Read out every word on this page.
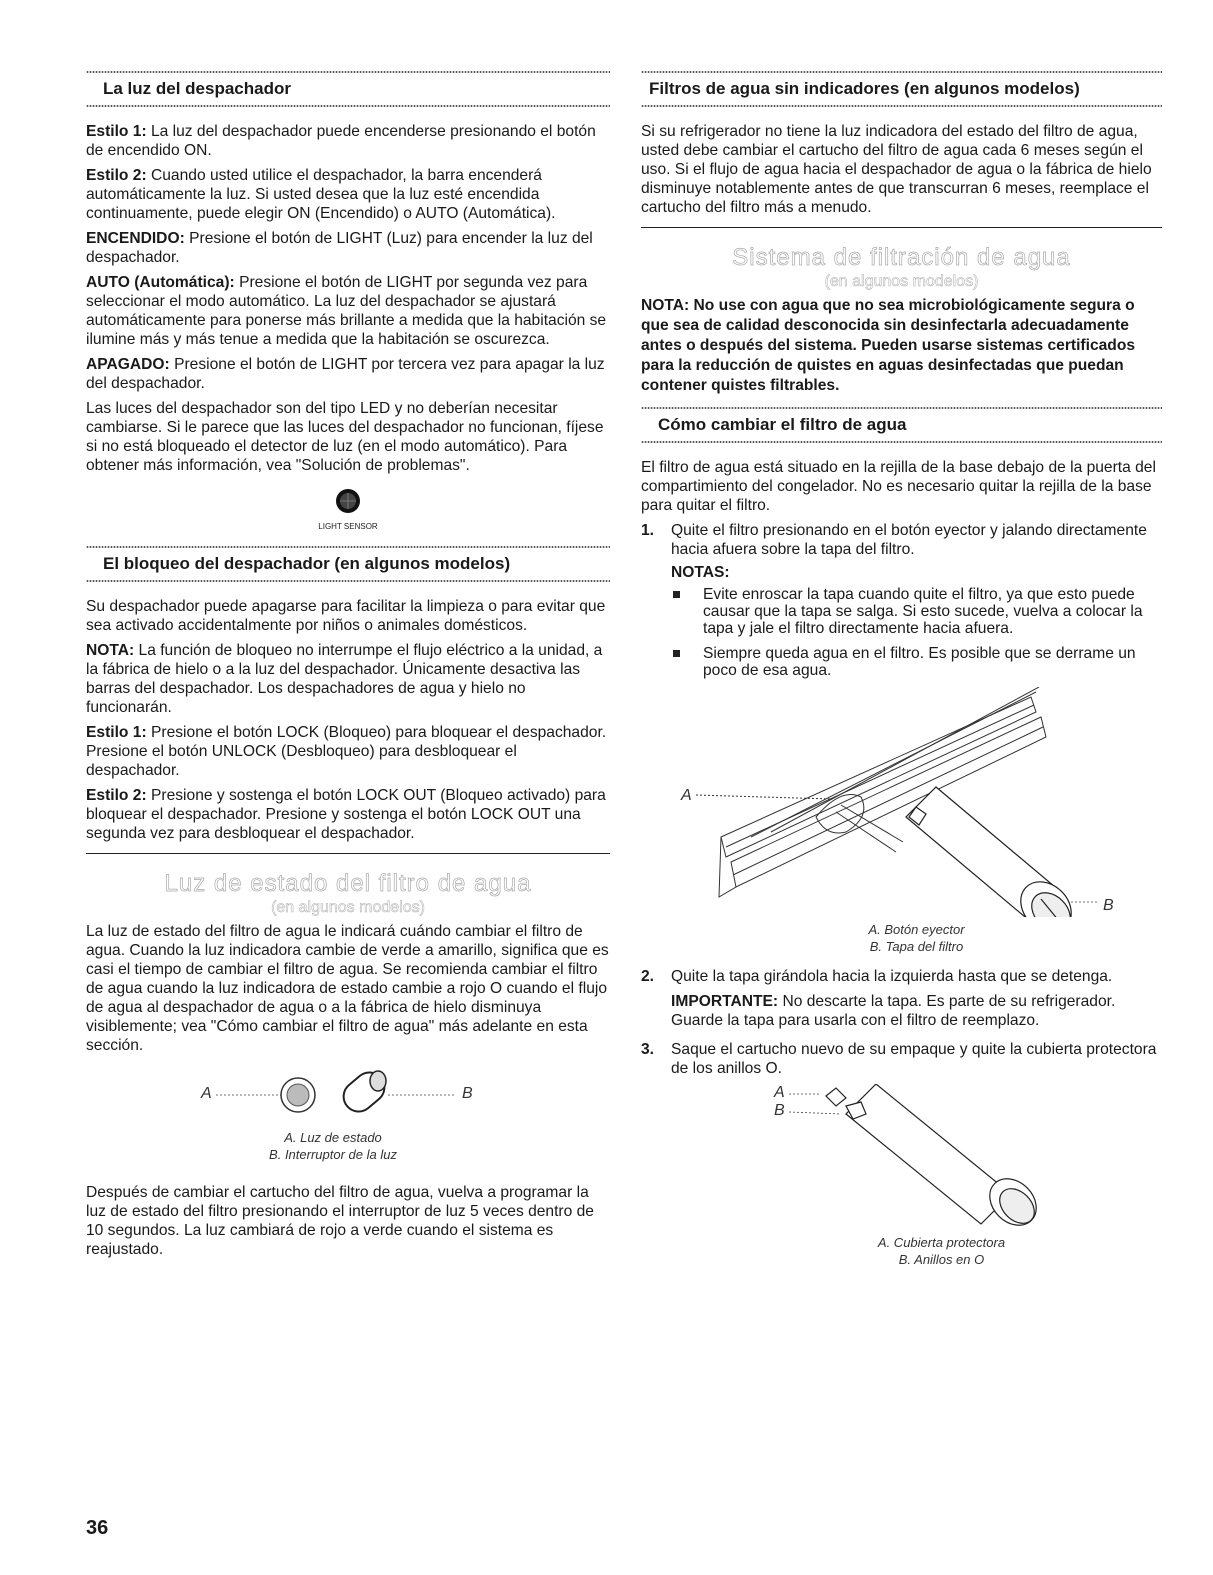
La luz del despachador

Estilo 1: La luz del despachador puede encenderse presionando el botón de encendido ON.

Estilo 2: Cuando usted utilice el despachador, la barra encenderá automáticamente la luz. Si usted desea que la luz esté encendida continuamente, puede elegir ON (Encendido) o AUTO (Automática).

ENCENDIDO: Presione el botón de LIGHT (Luz) para encender la luz del despachador.

AUTO (Automática): Presione el botón de LIGHT por segunda vez para seleccionar el modo automático. La luz del despachador se ajustará automáticamente para ponerse más brillante a medida que la habitación se ilumine más y más tenue a medida que la habitación se oscurezca.

APAGADO: Presione el botón de LIGHT por tercera vez para apagar la luz del despachador.

Las luces del despachador son del tipo LED y no deberían necesitar cambiarse. Si le parece que las luces del despachador no funcionan, fíjese si no está bloqueado el detector de luz (en el modo automático). Para obtener más información, vea "Solución de problemas".

LIGHT SENSOR
El bloqueo del despachador (en algunos modelos)

Su despachador puede apagarse para facilitar la limpieza o para evitar que sea activado accidentalmente por niños o animales domésticos.

NOTA: La función de bloqueo no interrumpe el flujo eléctrico a la unidad, a la fábrica de hielo o a la luz del despachador. Únicamente desactiva las barras del despachador. Los despachadores de agua y hielo no funcionarán.

Estilo 1: Presione el botón LOCK (Bloqueo) para bloquear el despachador. Presione el botón UNLOCK (Desbloqueo) para desbloquear el despachador.

Estilo 2: Presione y sostenga el botón LOCK OUT (Bloqueo activado) para bloquear el despachador. Presione y sostenga el botón LOCK OUT una segunda vez para desbloquear el despachador.

Luz de estado del filtro de agua
(en algunos modelos)

La luz de estado del filtro de agua le indicará cuándo cambiar el filtro de agua. Cuando la luz indicadora cambie de verde a amarillo, significa que es casi el tiempo de cambiar el filtro de agua. Se recomienda cambiar el filtro de agua cuando la luz indicadora de estado cambie a rojo O cuando el flujo de agua al despachador de agua o a la fábrica de hielo disminuya visiblemente; vea "Cómo cambiar el filtro de agua" más adelante en esta sección.

A	B
A. Luz de estado
B. Interruptor de la luz

Después de cambiar el cartucho del filtro de agua, vuelva a programar la luz de estado del filtro presionando el interruptor de luz 5 veces dentro de 10 segundos. La luz cambiará de rojo a verde cuando el sistema es reajustado.

Filtros de agua sin indicadores (en algunos modelos)

Si su refrigerador no tiene la luz indicadora del estado del filtro de agua, usted debe cambiar el cartucho del filtro de agua cada 6 meses según el uso. Si el flujo de agua hacia el despachador de agua o la fábrica de hielo disminuye notablemente antes de que transcurran 6 meses, reemplace el cartucho del filtro más a menudo.

Sistema de filtración de agua
(en algunos modelos)
NOTA: No use con agua que no sea microbiológicamente segura o que sea de calidad desconocida sin desinfectarla adecuadamente antes o después del sistema. Pueden usarse sistemas certificados para la reducción de quistes en aguas desinfectadas que puedan contener quistes filtrables.
Cómo cambiar el filtro de agua

El filtro de agua está situado en la rejilla de la base debajo de la puerta del compartimiento del congelador. No es necesario quitar la rejilla de la base para quitar el filtro.

1. Quite el filtro presionando en el botón eyector y jalando directamente hacia afuera sobre la tapa del filtro.
NOTAS:
Evite enroscar la tapa cuando quite el filtro, ya que esto puede causar que la tapa se salga. Si esto sucede, vuelva a colocar la tapa y jale el filtro directamente hacia afuera.
Siempre queda agua en el filtro. Es posible que se derrame un poco de esa agua.
A
B
A. Botón eyector
B. Tapa del filtro
2. Quite la tapa girándola hacia la izquierda hasta que se detenga.
IMPORTANTE: No descarte la tapa. Es parte de su refrigerador. Guarde la tapa para usarla con el filtro de reemplazo.
3. Saque el cartucho nuevo de su empaque y quite la cubierta protectora de los anillos O.
A
B
A. Cubierta protectora
B. Anillos en O
36
